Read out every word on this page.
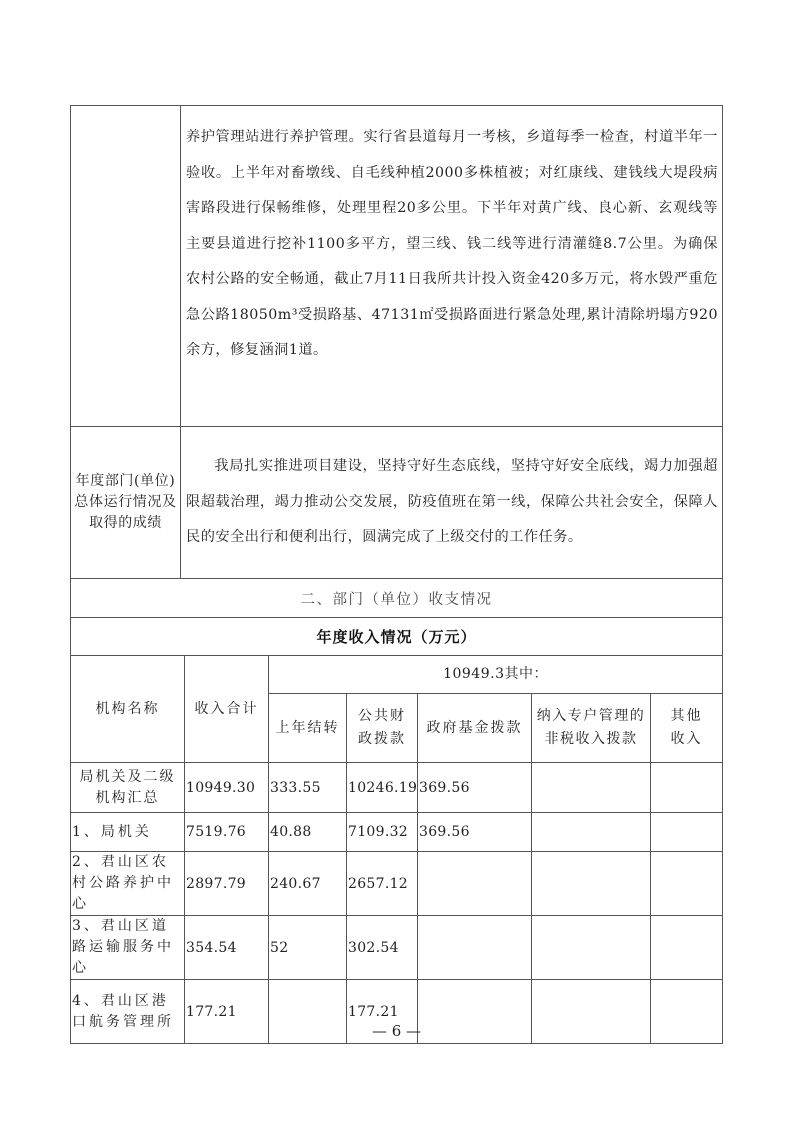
	养护管理站进行养护管理。实行省县道每月一考核，乡道每季一检查，村道半年一验收。上半年对畜墩线、自毛线种植2000多株植被；对红康线、建钱线大堤段病害路段进行保畅维修，处理里程20多公里。下半年对黄广线、良心新、玄观线等主要县道进行挖补1100多平方，望三线、钱二线等进行清灌缝8.7公里。为确保农村公路的安全畅通，截止7月11日我所共计投入资金420多万元，将水毁严重危急公路18050m³受损路基、47131㎡受损路面进行紧急处理,累计清除坍塌方920余方，修复涵洞1道。
年度部门(单位)总体运行情况及取得的成绩	我局扎实推进项目建设，坚持守好生态底线，坚持守好安全底线，竭力加强超限超载治理，竭力推动公交发展，防疫值班在第一线，保障公共社会安全，保障人民的安全出行和便利出行，圆满完成了上级交付的工作任务。
二、部门（单位）收支情况						
年度收入情况（万元）						
机构名称	收入合计	10949.3其中：				
		上年结转	公共财政拨款	政府基金拨款	纳入专户管理的非税收入拨款	其他收入
局机关及二级机构汇总	10949.30	333.55	10246.19	369.56		
1、局机关	7519.76	40.88	7109.32	369.56		
2、君山区农村公路养护中心	2897.79	240.67	2657.12			
3、君山区道路运输服务中心	354.54	52	302.54			
4、君山区港口航务管理所	177.21		177.21			
— 6 —
